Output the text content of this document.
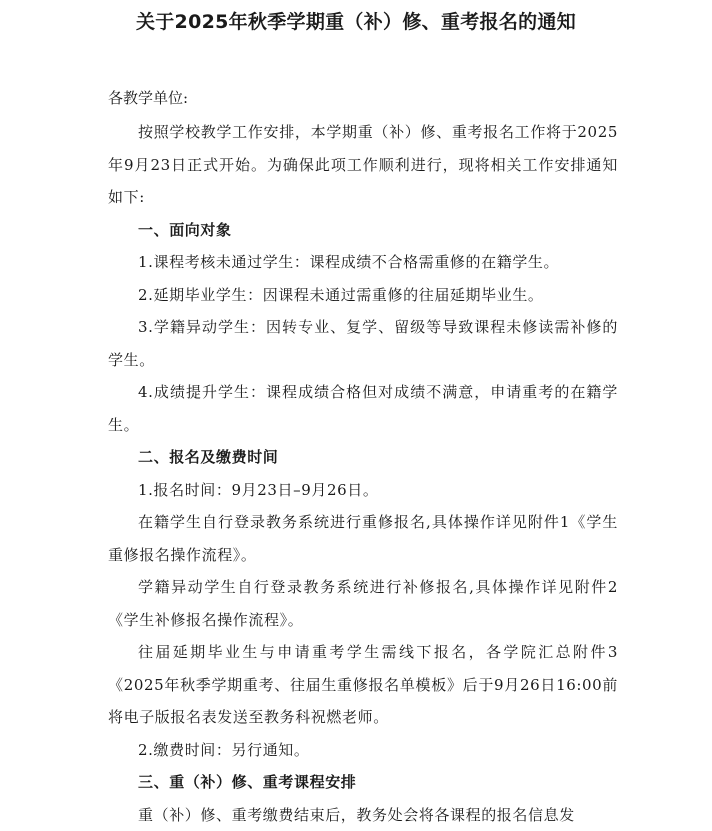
关于2025年秋季学期重（补）修、重考报名的通知
各教学单位:

按照学校教学工作安排，本学期重（补）修、重考报名工作将于2025年9月23日正式开始。为确保此项工作顺利进行，现将相关工作安排通知如下:

一、面向对象

1.课程考核未通过学生：课程成绩不合格需重修的在籍学生。

2.延期毕业学生：因课程未通过需重修的往届延期毕业生。

3.学籍异动学生：因转专业、复学、留级等导致课程未修读需补修的学生。

4.成绩提升学生：课程成绩合格但对成绩不满意，申请重考的在籍学生。

二、报名及缴费时间

1.报名时间：9月23日–9月26日。

在籍学生自行登录教务系统进行重修报名,具体操作详见附件1《学生重修报名操作流程》。

学籍异动学生自行登录教务系统进行补修报名,具体操作详见附件2《学生补修报名操作流程》。

往届延期毕业生与申请重考学生需线下报名，各学院汇总附件3《2025年秋季学期重考、往届生重修报名单模板》后于9月26日16:00前将电子版报名表发送至教务科祝燃老师。

2.缴费时间：另行通知。

三、重（补）修、重考课程安排

重（补）修、重考缴费结束后，教务处会将各课程的报名信息发
